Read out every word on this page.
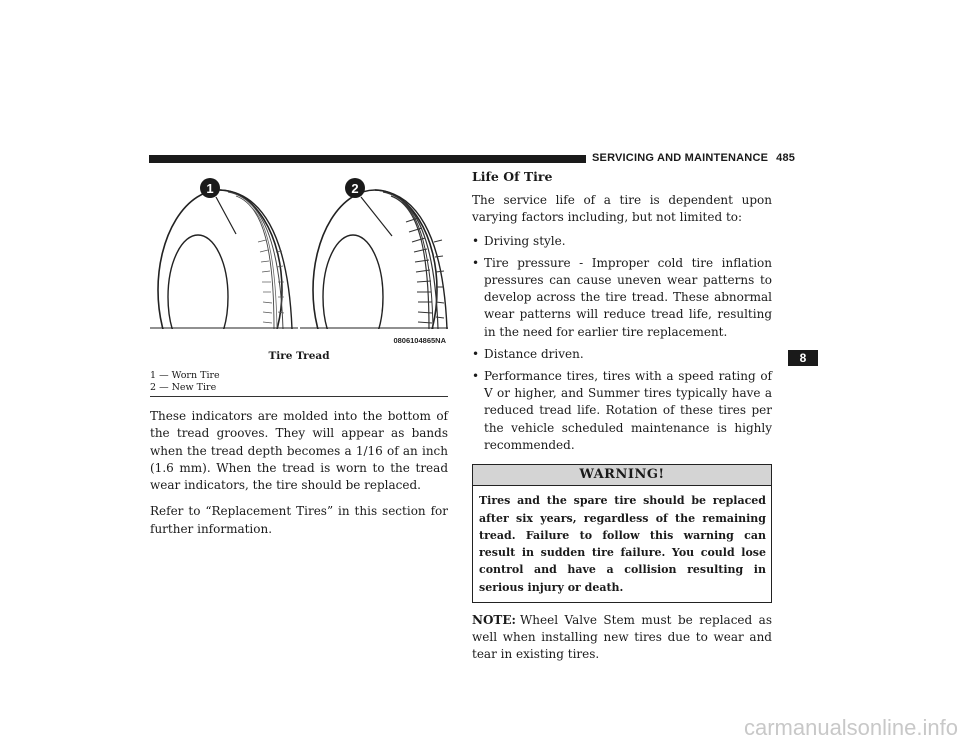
SERVICING AND MAINTENANCE 485
1	2
0806104865NA
Tire Tread
1 — Worn Tire
2 — New Tire

These indicators are molded into the bottom of the tread grooves. They will appear as bands when the tread depth becomes a 1/16 of an inch (1.6 mm). When the tread is worn to the tread wear indicators, the tire should be replaced.

Refer to “Replacement Tires” in this section for further information.

Life Of Tire

The service life of a tire is dependent upon varying factors including, but not limited to:

• Driving style.
• Tire pressure - Improper cold tire inflation pressures can cause uneven wear patterns to develop across the tire tread. These abnormal wear patterns will reduce tread life, resulting in the need for earlier tire replacement.
• Distance driven.
• Performance tires, tires with a speed rating of V or higher, and Summer tires typically have a reduced tread life. Rotation of these tires per the vehicle scheduled maintenance is highly recommended.
WARNING!
Tires and the spare tire should be replaced after six years, regardless of the remaining tread. Failure to follow this warning can result in sudden tire failure. You could lose control and have a collision resulting in serious injury or death.

NOTE: Wheel Valve Stem must be replaced as well when installing new tires due to wear and tear in existing tires.

8
carmanualsonline.info
